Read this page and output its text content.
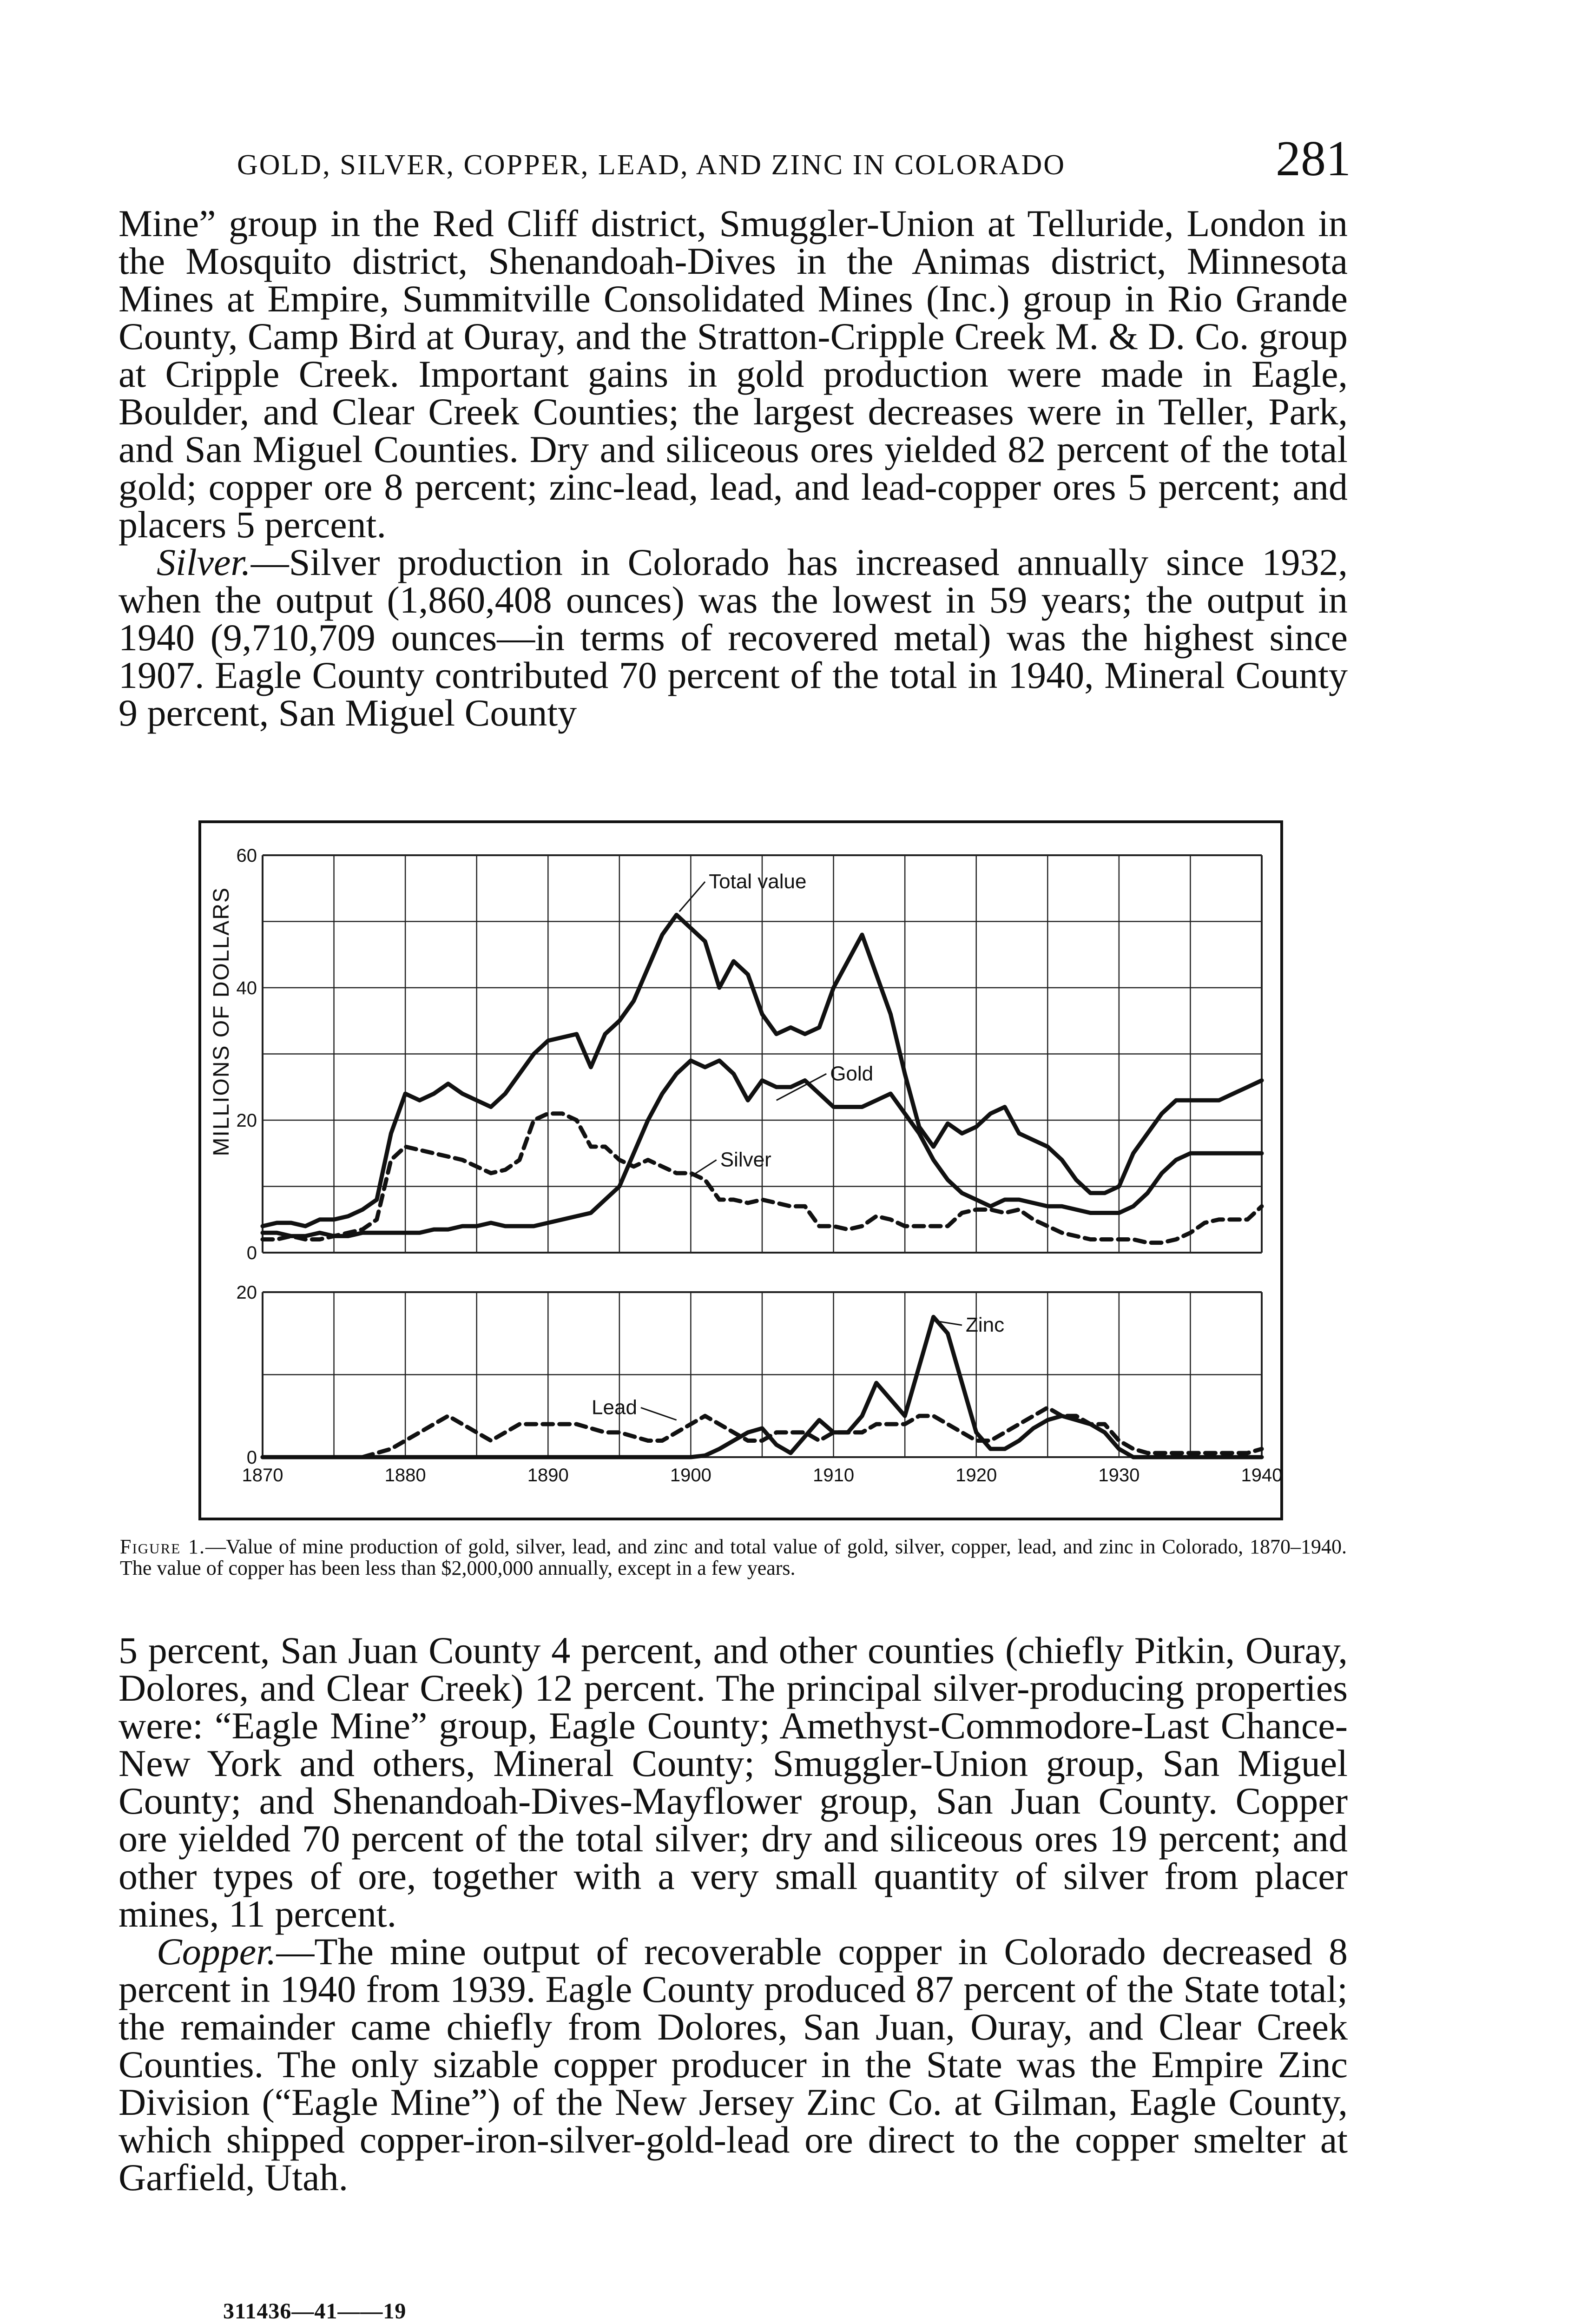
GOLD, SILVER, COPPER, LEAD, AND ZINC IN COLORADO	281

Mine” group in the Red Cliff district, Smuggler-Union at Telluride, London in the Mosquito district, Shenandoah-Dives in the Animas district, Minnesota Mines at Empire, Summitville Consolidated Mines (Inc.) group in Rio Grande County, Camp Bird at Ouray, and the Stratton-Cripple Creek M. & D. Co. group at Cripple Creek. Important gains in gold production were made in Eagle, Boulder, and Clear Creek Counties; the largest decreases were in Teller, Park, and San Miguel Counties. Dry and siliceous ores yielded 82 percent of the total gold; copper ore 8 percent; zinc-lead, lead, and lead-copper ores 5 percent; and placers 5 percent.

Silver.—Silver production in Colorado has increased annually since 1932, when the output (1,860,408 ounces) was the lowest in 59 years; the output in 1940 (9,710,709 ounces—in terms of recovered metal) was the highest since 1907. Eagle County contributed 70 percent of the total in 1940, Mineral County 9 percent, San Miguel County

0
20
40
60
0
20
1870	1880	1890	1900	1910	1920	1930	1940
Total value
Gold
Silver
Lead
Zinc
MILLIONS OF DOLLARS
Figure 1.—Value of mine production of gold, silver, lead, and zinc and total value of gold, silver, copper, lead, and zinc in Colorado, 1870–1940. The value of copper has been less than $2,000,000 annually, except in a few years.

5 percent, San Juan County 4 percent, and other counties (chiefly Pitkin, Ouray, Dolores, and Clear Creek) 12 percent. The principal silver-producing properties were: “Eagle Mine” group, Eagle County; Amethyst-Commodore-Last Chance-New York and others, Mineral County; Smuggler-Union group, San Miguel County; and Shenandoah-Dives-Mayflower group, San Juan County. Copper ore yielded 70 percent of the total silver; dry and siliceous ores 19 percent; and other types of ore, together with a very small quantity of silver from placer mines, 11 percent.

Copper.—The mine output of recoverable copper in Colorado decreased 8 percent in 1940 from 1939. Eagle County produced 87 percent of the State total; the remainder came chiefly from Dolores, San Juan, Ouray, and Clear Creek Counties. The only sizable copper producer in the State was the Empire Zinc Division (“Eagle Mine”) of the New Jersey Zinc Co. at Gilman, Eagle County, which shipped copper-iron-silver-gold-lead ore direct to the copper smelter at Garfield, Utah.

311436—41——19
